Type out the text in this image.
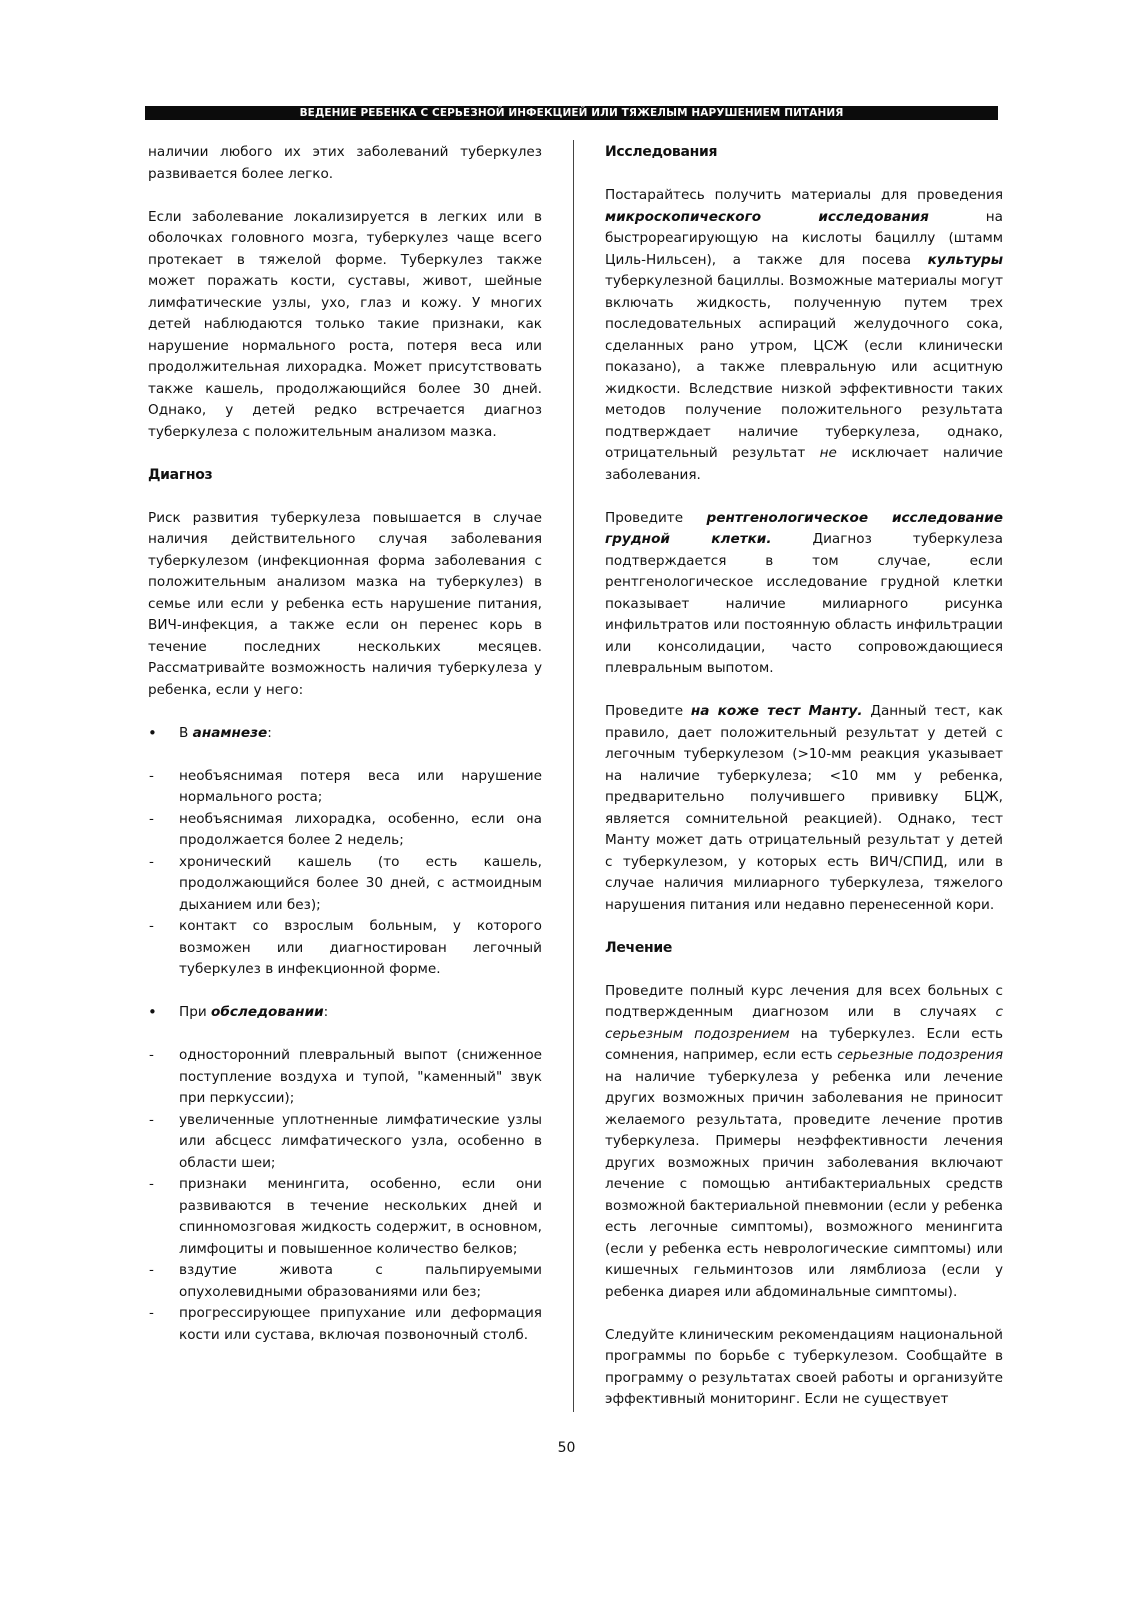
ВЕДЕНИЕ РЕБЕНКА С СЕРЬЕЗНОЙ ИНФЕКЦИЕЙ ИЛИ ТЯЖЕЛЫМ НАРУШЕНИЕМ ПИТАНИЯ

наличии любого их этих заболеваний туберкулез развивается более легко.

Если заболевание локализируется в легких или в оболочках головного мозга, туберкулез чаще всего протекает в тяжелой форме. Туберкулез также может поражать кости, суставы, живот, шейные лимфатические узлы, ухо, глаз и кожу. У многих детей наблюдаются только такие признаки, как нарушение нормального роста, потеря веса или продолжительная лихорадка. Может присутствовать также кашель, продолжающийся более 30 дней. Однако, у детей редко встречается диагноз туберкулеза с положительным анализом мазка.

Диагноз

Риск развития туберкулеза повышается в случае наличия действительного случая заболевания туберкулезом (инфекционная форма заболевания с положительным анализом мазка на туберкулез) в семье или если у ребенка есть нарушение питания, ВИЧ-инфекция, а также если он перенес корь в течение последних нескольких месяцев. Рассматривайте возможность наличия туберкулеза у ребенка, если у него:

• В анамнезе:
- необъяснимая потеря веса или нарушение нормального роста;
- необъяснимая лихорадка, особенно, если она продолжается более 2 недель;
- хронический кашель (то есть кашель, продолжающийся более 30 дней, с астмоидным дыханием или без);
- контакт со взрослым больным, у которого возможен или диагностирован легочный туберкулез в инфекционной форме.
• При обследовании:
- односторонний плевральный выпот (сниженное поступление воздуха и тупой, "каменный" звук при перкуссии);
- увеличенные уплотненные лимфатические узлы или абсцесс лимфатического узла, особенно в области шеи;
- признаки менингита, особенно, если они развиваются в течение нескольких дней и спинномозговая жидкость содержит, в основном, лимфоциты и повышенное количество белков;
- вздутие живота с пальпируемыми опухолевидными образованиями или без;
- прогрессирующее припухание или деформация кости или сустава, включая позвоночный столб.
Исследования

Постарайтесь получить материалы для проведения микроскопического исследования на быстрореагирующую на кислоты бациллу (штамм Циль-Нильсен), а также для посева культуры туберкулезной бациллы. Возможные материалы могут включать жидкость, полученную путем трех последовательных аспираций желудочного сока, сделанных рано утром, ЦСЖ (если клинически показано), а также плевральную или асцитную жидкости. Вследствие низкой эффективности таких методов получение положительного результата подтверждает наличие туберкулеза, однако, отрицательный результат не исключает наличие заболевания.

Проведите рентгенологическое исследование грудной клетки. Диагноз туберкулеза подтверждается в том случае, если рентгенологическое исследование грудной клетки показывает наличие милиарного рисунка инфильтратов или постоянную область инфильтрации или консолидации, часто сопровождающиеся плевральным выпотом.

Проведите на коже тест Манту. Данный тест, как правило, дает положительный результат у детей с легочным туберкулезом (>10-мм реакция указывает на наличие туберкулеза; <10 мм у ребенка, предварительно получившего прививку БЦЖ, является сомнительной реакцией). Однако, тест Манту может дать отрицательный результат у детей с туберкулезом, у которых есть ВИЧ/СПИД, или в случае наличия милиарного туберкулеза, тяжелого нарушения питания или недавно перенесенной кори.

Лечение

Проведите полный курс лечения для всех больных с подтвержденным диагнозом или в случаях с серьезным подозрением на туберкулез. Если есть сомнения, например, если есть серьезные подозрения на наличие туберкулеза у ребенка или лечение других возможных причин заболевания не приносит желаемого результата, проведите лечение против туберкулеза. Примеры неэффективности лечения других возможных причин заболевания включают лечение с помощью антибактериальных средств возможной бактериальной пневмонии (если у ребенка есть легочные симптомы), возможного менингита (если у ребенка есть неврологические симптомы) или кишечных гельминтозов или лямблиоза (если у ребенка диарея или абдоминальные симптомы).

Следуйте клиническим рекомендациям национальной программы по борьбе с туберкулезом. Сообщайте в программу о результатах своей работы и организуйте эффективный мониторинг. Если не существует

50
